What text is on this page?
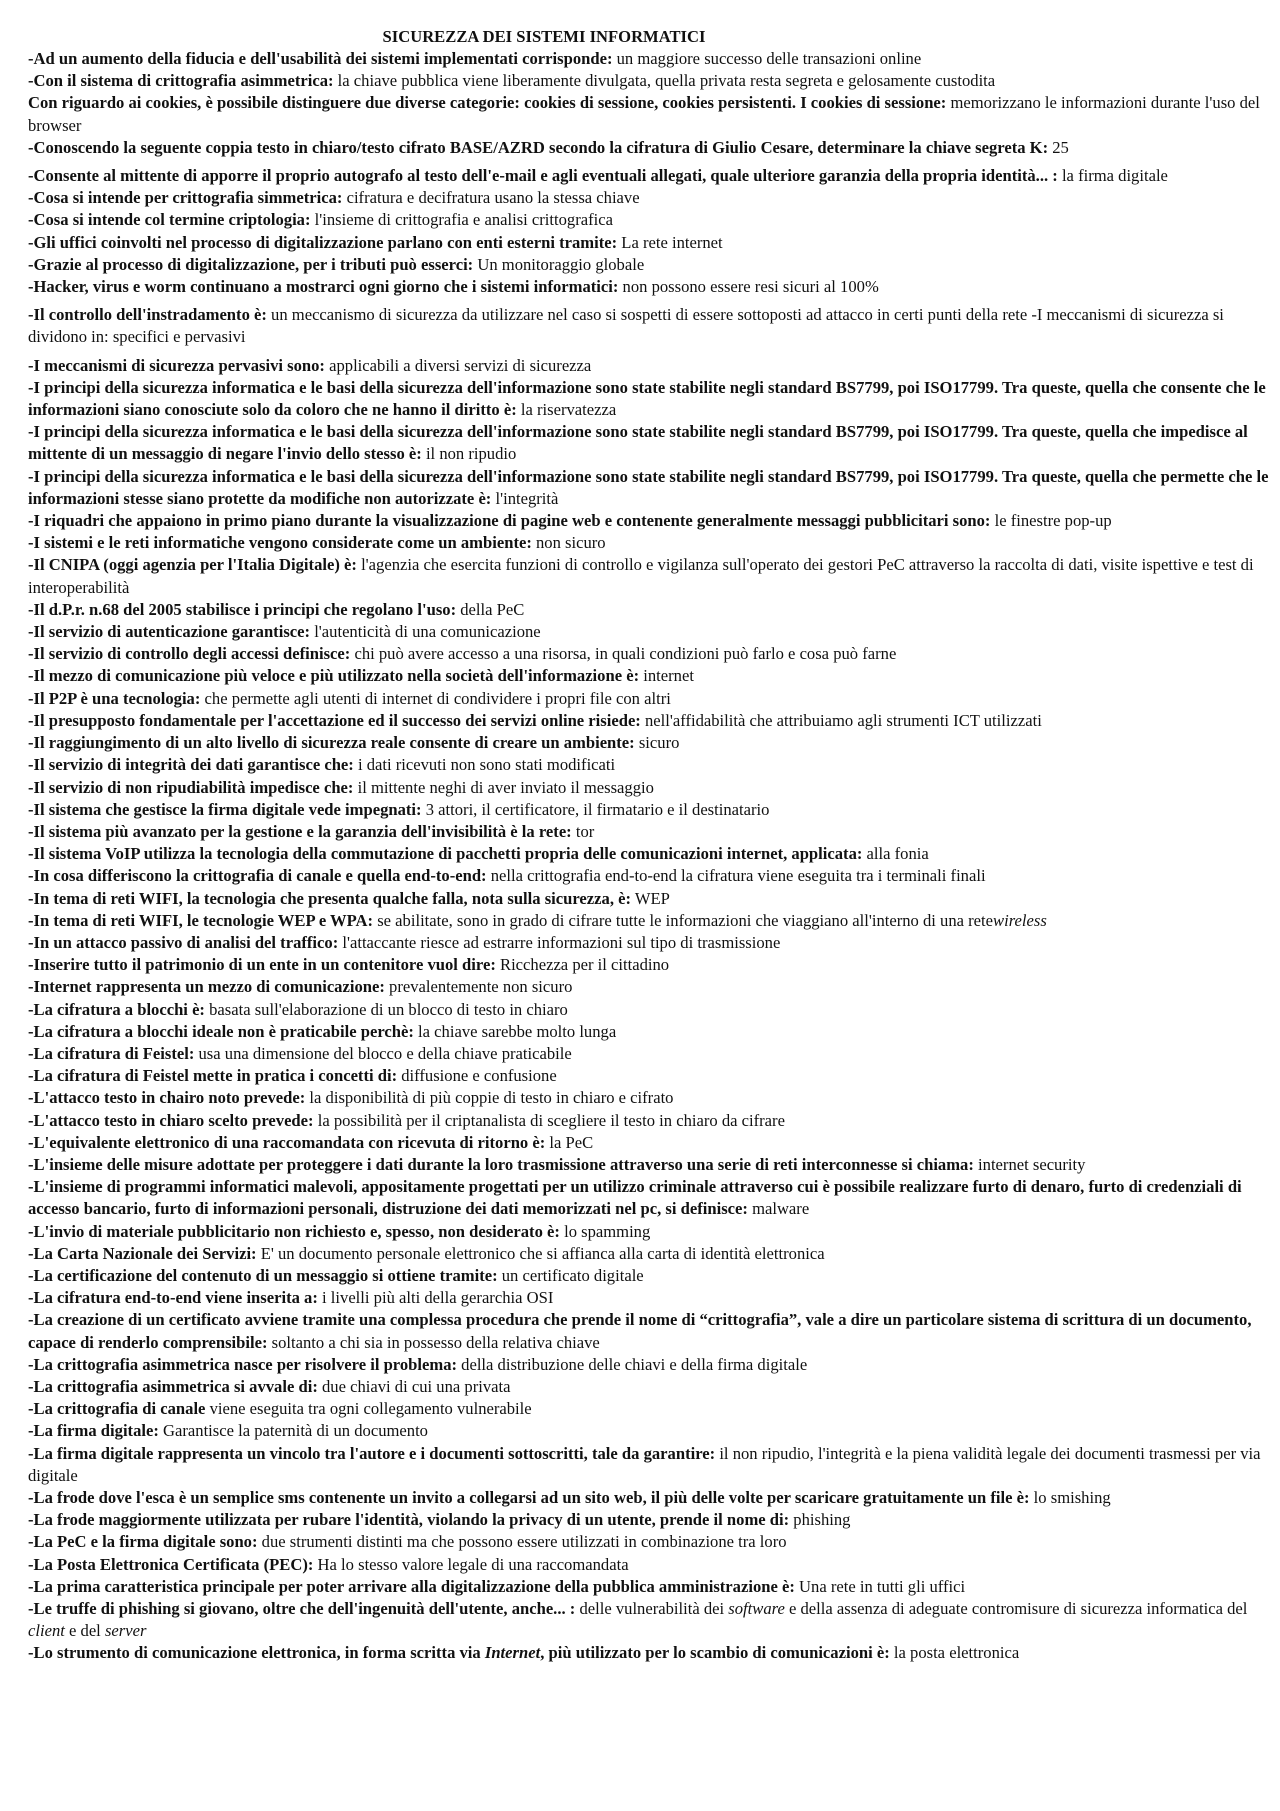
SICUREZZA DEI SISTEMI INFORMATICI

-Ad un aumento della fiducia e dell'usabilità dei sistemi implementati corrisponde: un maggiore successo delle transazioni online

-Con il sistema di crittografia asimmetrica: la chiave pubblica viene liberamente divulgata, quella privata resta segreta e gelosamente custodita

Con riguardo ai cookies, è possibile distinguere due diverse categorie: cookies di sessione, cookies persistenti. I cookies di sessione: memorizzano le informazioni durante l'uso del browser

-Conoscendo la seguente coppia testo in chiaro/testo cifrato BASE/AZRD secondo la cifratura di Giulio Cesare, determinare la chiave segreta K: 25

-Consente al mittente di apporre il proprio autografo al testo dell'e-mail e agli eventuali allegati, quale ulteriore garanzia della propria identità... : la firma digitale

-Cosa si intende per crittografia simmetrica: cifratura e decifratura usano la stessa chiave

-Cosa si intende col termine criptologia: l'insieme di crittografia e analisi crittografica

-Gli uffici coinvolti nel processo di digitalizzazione parlano con enti esterni tramite: La rete internet

-Grazie al processo di digitalizzazione, per i tributi può esserci: Un monitoraggio globale

-Hacker, virus e worm continuano a mostrarci ogni giorno che i sistemi informatici: non possono essere resi sicuri al 100%

-Il controllo dell'instradamento è: un meccanismo di sicurezza da utilizzare nel caso si sospetti di essere sottoposti ad attacco in certi punti della rete -I meccanismi di sicurezza si dividono in: specifici e pervasivi

-I meccanismi di sicurezza pervasivi sono: applicabili a diversi servizi di sicurezza

-I principi della sicurezza informatica e le basi della sicurezza dell'informazione sono state stabilite negli standard BS7799, poi ISO17799. Tra queste, quella che consente che le informazioni siano conosciute solo da coloro che ne hanno il diritto è: la riservatezza

-I principi della sicurezza informatica e le basi della sicurezza dell'informazione sono state stabilite negli standard BS7799, poi ISO17799. Tra queste, quella che impedisce al mittente di un messaggio di negare l'invio dello stesso è: il non ripudio

-I principi della sicurezza informatica e le basi della sicurezza dell'informazione sono state stabilite negli standard BS7799, poi ISO17799. Tra queste, quella che permette che le informazioni stesse siano protette da modifiche non autorizzate è: l'integrità

-I riquadri che appaiono in primo piano durante la visualizzazione di pagine web e contenente generalmente messaggi pubblicitari sono: le finestre pop-up

-I sistemi e le reti informatiche vengono considerate come un ambiente: non sicuro

-Il CNIPA (oggi agenzia per l'Italia Digitale) è: l'agenzia che esercita funzioni di controllo e vigilanza sull'operato dei gestori PeC attraverso la raccolta di dati, visite ispettive e test di interoperabilità

-Il d.P.r. n.68 del 2005 stabilisce i principi che regolano l'uso: della PeC

-Il servizio di autenticazione garantisce: l'autenticità di una comunicazione

-Il servizio di controllo degli accessi definisce: chi può avere accesso a una risorsa, in quali condizioni può farlo e cosa può farne

-Il mezzo di comunicazione più veloce e più utilizzato nella società dell'informazione è: internet

-Il P2P è una tecnologia: che permette agli utenti di internet di condividere i propri file con altri

-Il presupposto fondamentale per l'accettazione ed il successo dei servizi online risiede: nell'affidabilità che attribuiamo agli strumenti ICT utilizzati

-Il raggiungimento di un alto livello di sicurezza reale consente di creare un ambiente: sicuro

-Il servizio di integrità dei dati garantisce che: i dati ricevuti non sono stati modificati

-Il servizio di non ripudiabilità impedisce che: il mittente neghi di aver inviato il messaggio

-Il sistema che gestisce la firma digitale vede impegnati: 3 attori, il certificatore, il firmatario e il destinatario

-Il sistema più avanzato per la gestione e la garanzia dell'invisibilità è la rete: tor

-Il sistema VoIP utilizza la tecnologia della commutazione di pacchetti propria delle comunicazioni internet, applicata: alla fonia

-In cosa differiscono la crittografia di canale e quella end-to-end: nella crittografia end-to-end la cifratura viene eseguita tra i terminali finali

-In tema di reti WIFI, la tecnologia che presenta qualche falla, nota sulla sicurezza, è: WEP

-In tema di reti WIFI, le tecnologie WEP e WPA: se abilitate, sono in grado di cifrare tutte le informazioni che viaggiano all'interno di una retewireless

-In un attacco passivo di analisi del traffico: l'attaccante riesce ad estrarre informazioni sul tipo di trasmissione

-Inserire tutto il patrimonio di un ente in un contenitore vuol dire: Ricchezza per il cittadino

-Internet rappresenta un mezzo di comunicazione: prevalentemente non sicuro

-La cifratura a blocchi è: basata sull'elaborazione di un blocco di testo in chiaro

-La cifratura a blocchi ideale non è praticabile perchè: la chiave sarebbe molto lunga

-La cifratura di Feistel: usa una dimensione del blocco e della chiave praticabile

-La cifratura di Feistel mette in pratica i concetti di: diffusione e confusione

-L'attacco testo in chairo noto prevede: la disponibilità di più coppie di testo in chiaro e cifrato

-L'attacco testo in chiaro scelto prevede: la possibilità per il criptanalista di scegliere il testo in chiaro da cifrare

-L'equivalente elettronico di una raccomandata con ricevuta di ritorno è: la PeC

-L'insieme delle misure adottate per proteggere i dati durante la loro trasmissione attraverso una serie di reti interconnesse si chiama: internet security

-L'insieme di programmi informatici malevoli, appositamente progettati per un utilizzo criminale attraverso cui è possibile realizzare furto di denaro, furto di credenziali di accesso bancario, furto di informazioni personali, distruzione dei dati memorizzati nel pc, si definisce: malware

-L'invio di materiale pubblicitario non richiesto e, spesso, non desiderato è: lo spamming

-La Carta Nazionale dei Servizi: E' un documento personale elettronico che si affianca alla carta di identità elettronica

-La certificazione del contenuto di un messaggio si ottiene tramite: un certificato digitale

-La cifratura end-to-end viene inserita a: i livelli più alti della gerarchia OSI

-La creazione di un certificato avviene tramite una complessa procedura che prende il nome di “crittografia”, vale a dire un particolare sistema di scrittura di un documento, capace di renderlo comprensibile: soltanto a chi sia in possesso della relativa chiave

-La crittografia asimmetrica nasce per risolvere il problema: della distribuzione delle chiavi e della firma digitale

-La crittografia asimmetrica si avvale di: due chiavi di cui una privata

-La crittografia di canale viene eseguita tra ogni collegamento vulnerabile

-La firma digitale: Garantisce la paternità di un documento

-La firma digitale rappresenta un vincolo tra l'autore e i documenti sottoscritti, tale da garantire: il non ripudio, l'integrità e la piena validità legale dei documenti trasmessi per via digitale

-La frode dove l'esca è un semplice sms contenente un invito a collegarsi ad un sito web, il più delle volte per scaricare gratuitamente un file è: lo smishing

-La frode maggiormente utilizzata per rubare l'identità, violando la privacy di un utente, prende il nome di: phishing

-La PeC e la firma digitale sono: due strumenti distinti ma che possono essere utilizzati in combinazione tra loro

-La Posta Elettronica Certificata (PEC): Ha lo stesso valore legale di una raccomandata

-La prima caratteristica principale per poter arrivare alla digitalizzazione della pubblica amministrazione è: Una rete in tutti gli uffici

-Le truffe di phishing si giovano, oltre che dell'ingenuità dell'utente, anche... : delle vulnerabilità dei software e della assenza di adeguate contromisure di sicurezza informatica del client e del server

-Lo strumento di comunicazione elettronica, in forma scritta via Internet, più utilizzato per lo scambio di comunicazioni è: la posta elettronica
